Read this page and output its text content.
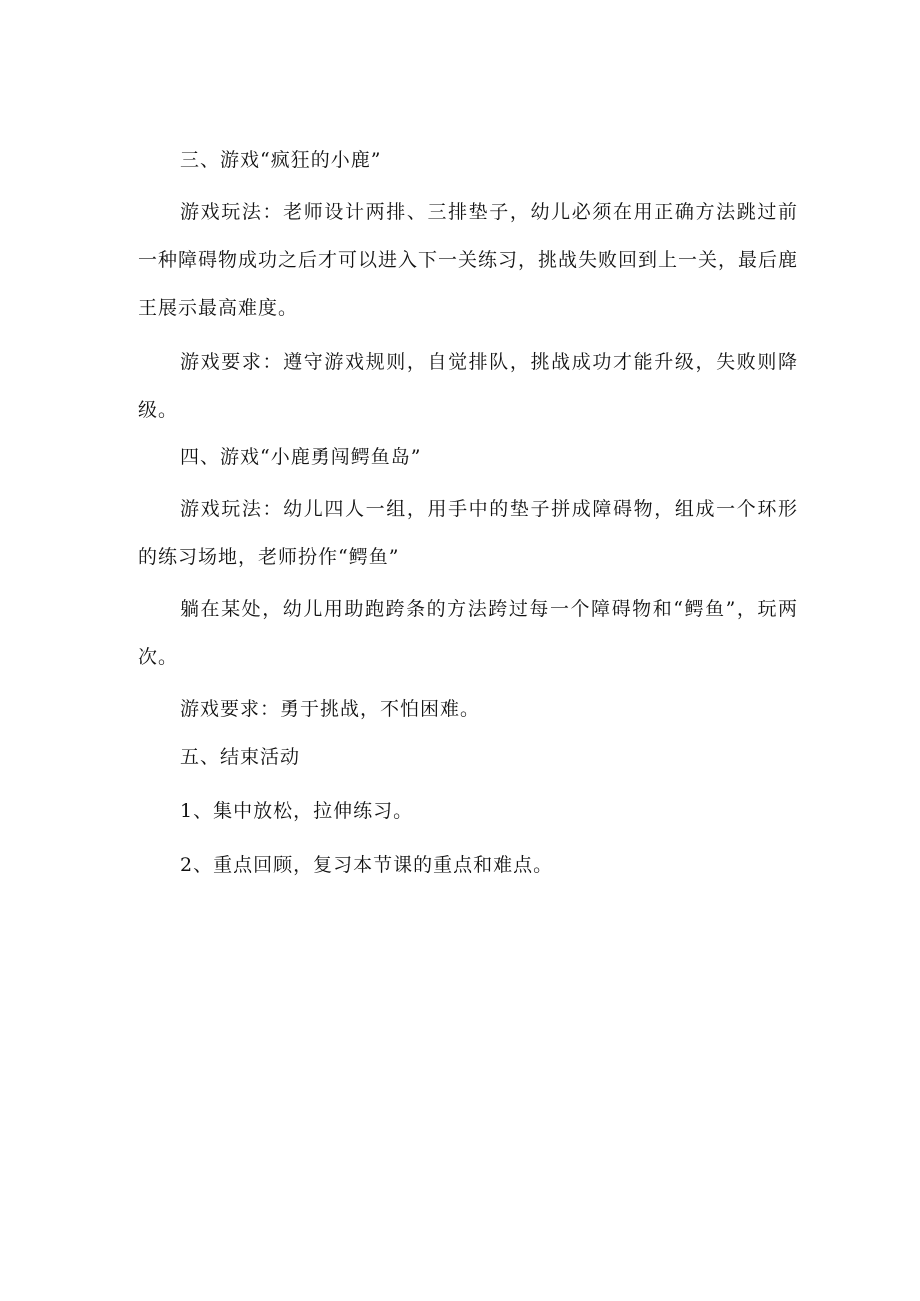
三、游戏“疯狂的小鹿”

游戏玩法：老师设计两排、三排垫子，幼儿必须在用正确方法跳过前一种障碍物成功之后才可以进入下一关练习，挑战失败回到上一关，最后鹿王展示最高难度。

游戏要求：遵守游戏规则，自觉排队，挑战成功才能升级，失败则降级。

四、游戏“小鹿勇闯鳄鱼岛”

游戏玩法：幼儿四人一组，用手中的垫子拼成障碍物，组成一个环形的练习场地，老师扮作“鳄鱼”

躺在某处，幼儿用助跑跨条的方法跨过每一个障碍物和“鳄鱼”，玩两次。

游戏要求：勇于挑战，不怕困难。

五、结束活动

1、集中放松，拉伸练习。

2、重点回顾，复习本节课的重点和难点。
